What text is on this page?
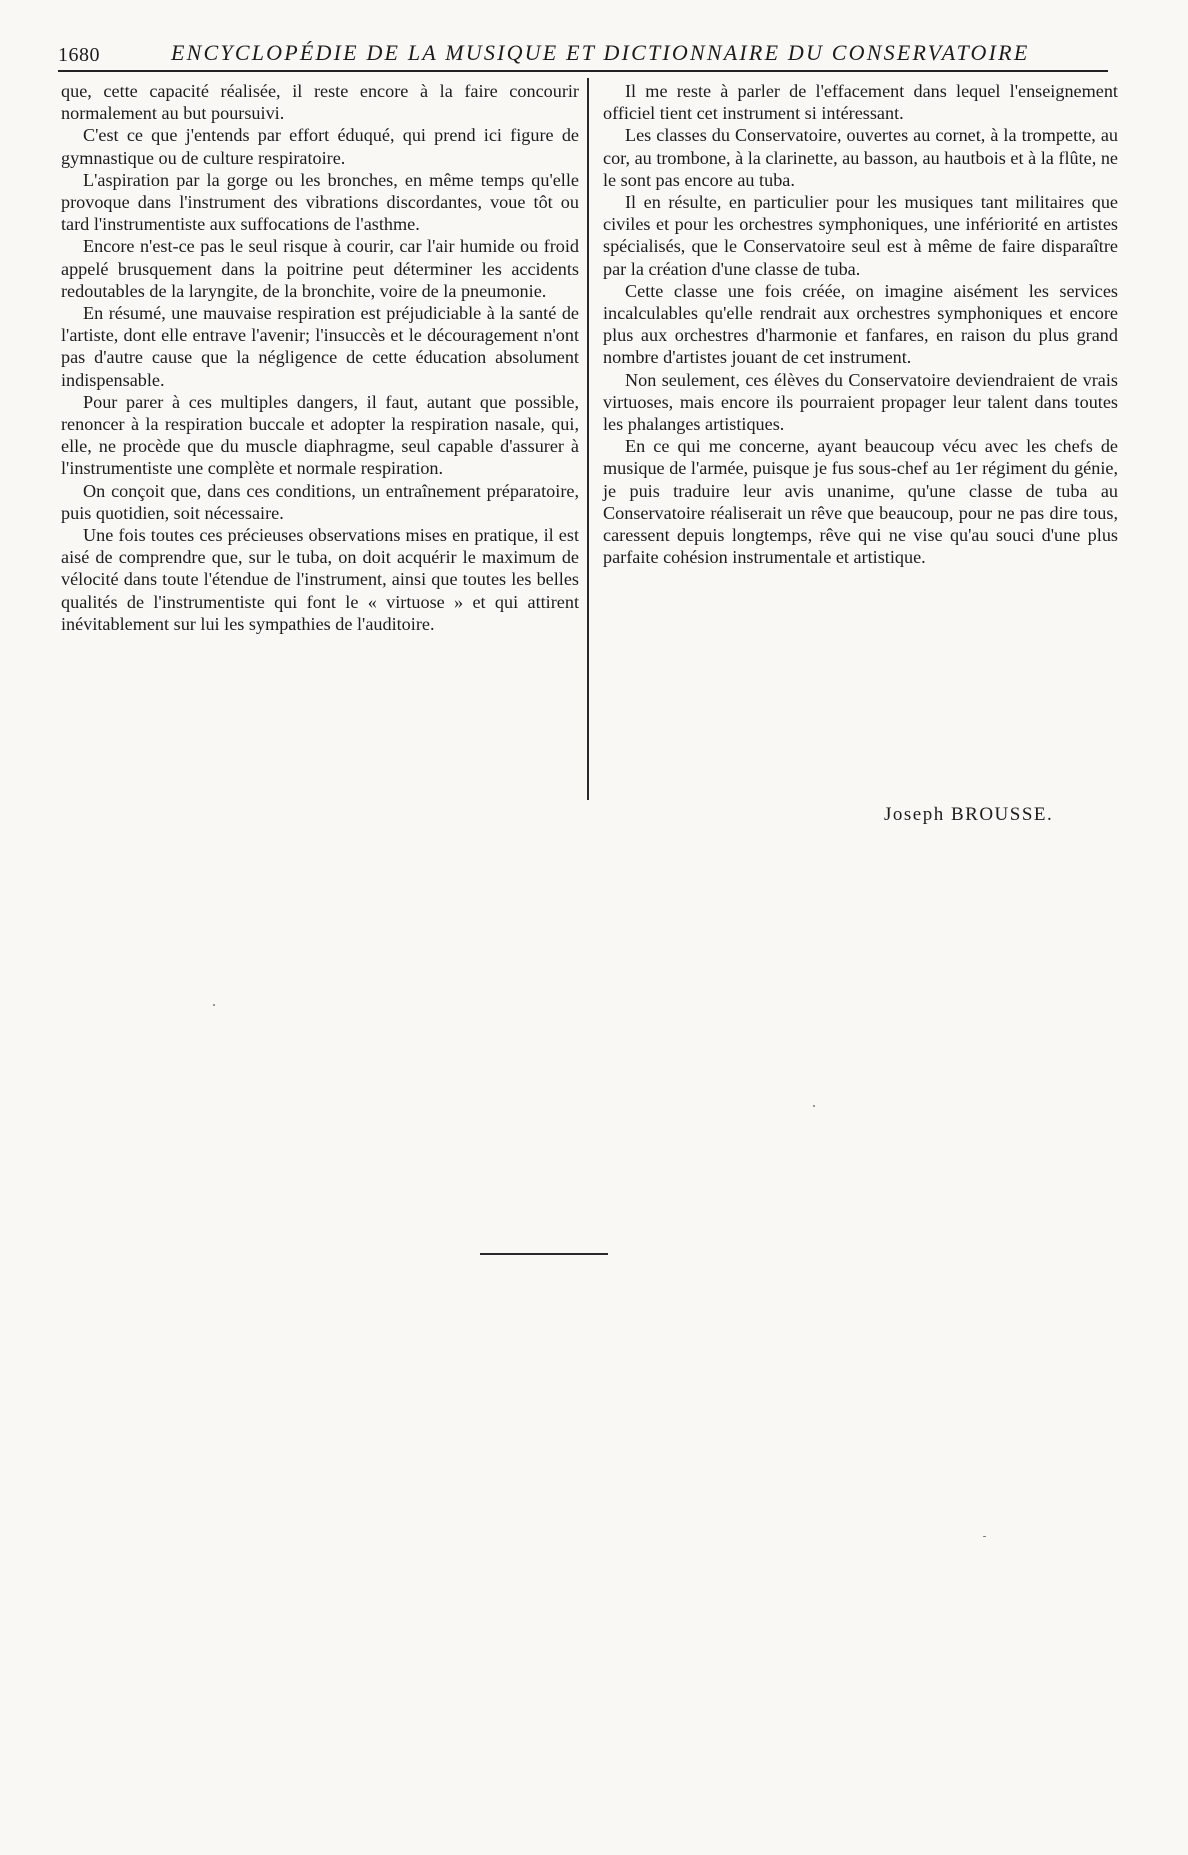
1680	ENCYCLOPÉDIE DE LA MUSIQUE ET DICTIONNAIRE DU CONSERVATOIRE

que, cette capacité réalisée, il reste encore à la faire concourir normalement au but poursuivi.

C'est ce que j'entends par effort éduqué, qui prend ici figure de gymnastique ou de culture respiratoire.

L'aspiration par la gorge ou les bronches, en même temps qu'elle provoque dans l'instrument des vibrations discordantes, voue tôt ou tard l'instrumentiste aux suffocations de l'asthme.

Encore n'est-ce pas le seul risque à courir, car l'air humide ou froid appelé brusquement dans la poitrine peut déterminer les accidents redoutables de la laryngite, de la bronchite, voire de la pneumonie.

En résumé, une mauvaise respiration est préjudiciable à la santé de l'artiste, dont elle entrave l'avenir; l'insuccès et le découragement n'ont pas d'autre cause que la négligence de cette éducation absolument indispensable.

Pour parer à ces multiples dangers, il faut, autant que possible, renoncer à la respiration buccale et adopter la respiration nasale, qui, elle, ne procède que du muscle diaphragme, seul capable d'assurer à l'instrumentiste une complète et normale respiration.

On conçoit que, dans ces conditions, un entraînement préparatoire, puis quotidien, soit nécessaire.

Une fois toutes ces précieuses observations mises en pratique, il est aisé de comprendre que, sur le tuba, on doit acquérir le maximum de vélocité dans toute l'étendue de l'instrument, ainsi que toutes les belles qualités de l'instrumentiste qui font le « virtuose » et qui attirent inévitablement sur lui les sympathies de l'auditoire.

Il me reste à parler de l'effacement dans lequel l'enseignement officiel tient cet instrument si intéressant.

Les classes du Conservatoire, ouvertes au cornet, à la trompette, au cor, au trombone, à la clarinette, au basson, au hautbois et à la flûte, ne le sont pas encore au tuba.

Il en résulte, en particulier pour les musiques tant militaires que civiles et pour les orchestres symphoniques, une infériorité en artistes spécialisés, que le Conservatoire seul est à même de faire disparaître par la création d'une classe de tuba.

Cette classe une fois créée, on imagine aisément les services incalculables qu'elle rendrait aux orchestres symphoniques et encore plus aux orchestres d'harmonie et fanfares, en raison du plus grand nombre d'artistes jouant de cet instrument.

Non seulement, ces élèves du Conservatoire deviendraient de vrais virtuoses, mais encore ils pourraient propager leur talent dans toutes les phalanges artistiques.

En ce qui me concerne, ayant beaucoup vécu avec les chefs de musique de l'armée, puisque je fus sous-chef au 1er régiment du génie, je puis traduire leur avis unanime, qu'une classe de tuba au Conservatoire réaliserait un rêve que beaucoup, pour ne pas dire tous, caressent depuis longtemps, rêve qui ne vise qu'au souci d'une plus parfaite cohésion instrumentale et artistique.

Joseph BROUSSE.
